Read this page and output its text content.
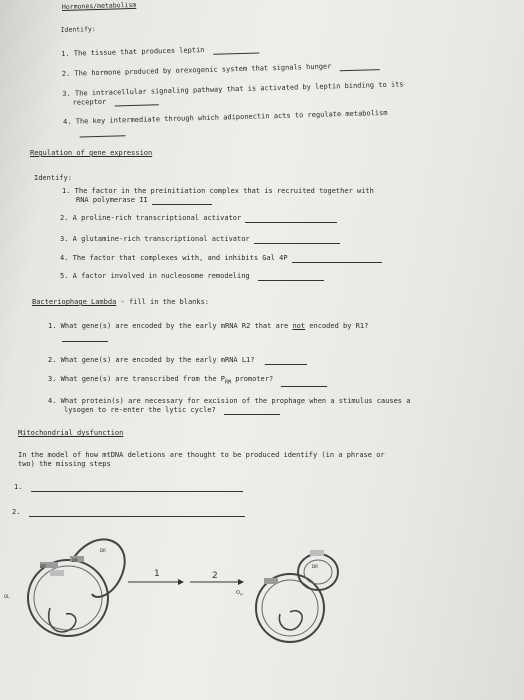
Hormones/metabolism
Identify:
1. The tissue that produces leptin
2. The hormone produced by orexogenic system that signals hunger
3. The intracellular signaling pathway that is activated by leptin binding to its
receptor
4. The key intermediate through which adiponectin acts to regulate metabolism
Regulation of gene expression
Identify:
1. The factor in the preinitiation complex that is recruited together with
RNA polymerase II
2. A proline-rich transcriptional activator
3. A glutamine-rich transcriptional activator
4. The factor that complexes with, and inhibits Gal 4P
5. A factor involved in nucleosome remodeling
Bacteriophage Lambda - fill in the blanks:
1. What gene(s) are encoded by the early mRNA R2 that are not encoded by R1?
2. What gene(s) are encoded by the early mRNA L1?
3. What gene(s) are transcribed from the $P_{RM}$ promoter?
4. What protein(s) are necessary for excision of the prophage when a stimulus causes a
lysogen to re-enter the lytic cycle?
Mitochondrial dysfunction
In the model of how mtDNA deletions are thought to be produced identify (in a phrase or
two) the missing steps
1.
2.
DR
DR
DR
OL
1	2
$O_H$
DR
